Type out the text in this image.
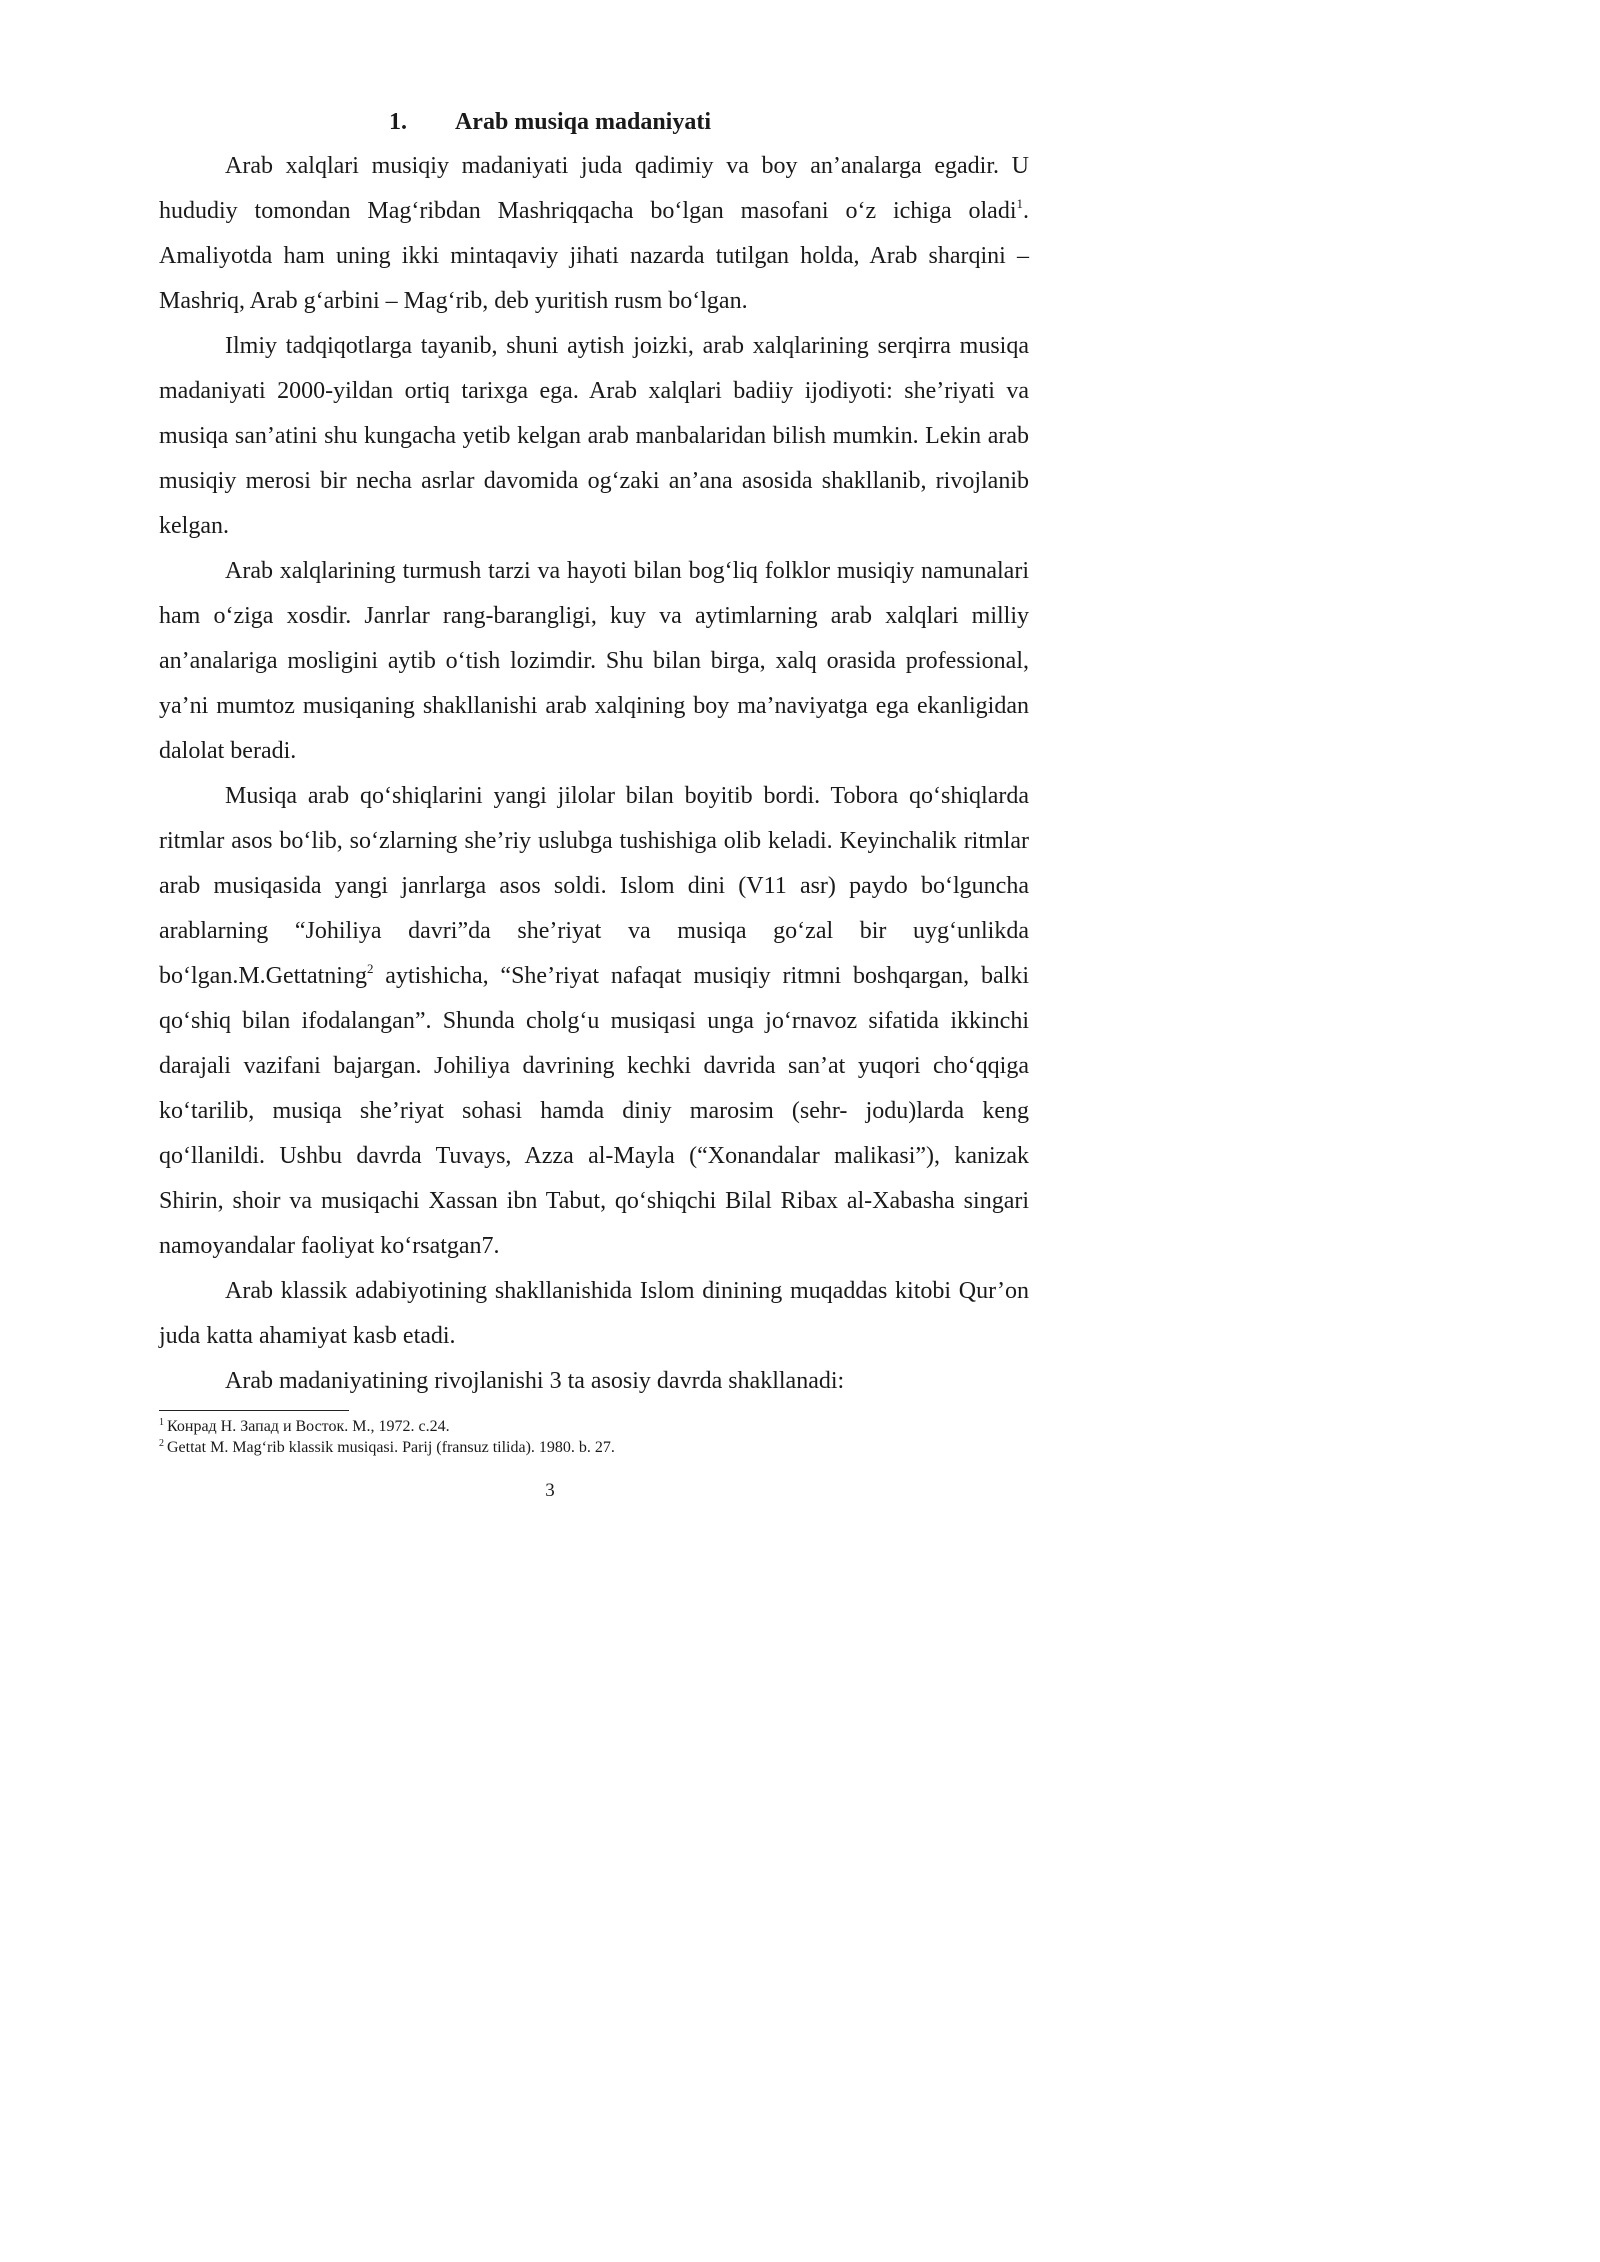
1. Arab musiqa madaniyati

Arab xalqlari musiqiy madaniyati juda qadimiy va boy an’analarga egadir. U hududiy tomondan Mag‘ribdan Mashriqqacha bo‘lgan masofani o‘z ichiga oladi$^1$. Amaliyotda ham uning ikki mintaqaviy jihati nazarda tutilgan holda, Arab sharqini – Mashriq, Arab g‘arbini – Mag‘rib, deb yuritish rusm bo‘lgan.

Ilmiy tadqiqotlarga tayanib, shuni aytish joizki, arab xalqlarining serqirra musiqa madaniyati 2000-yildan ortiq tarixga ega. Arab xalqlari badiiy ijodiyoti: she’riyati va musiqa san’atini shu kungacha yetib kelgan arab manbalaridan bilish mumkin. Lekin arab musiqiy merosi bir necha asrlar davomida og‘zaki an’ana asosida shakllanib, rivojlanib kelgan.

Arab xalqlarining turmush tarzi va hayoti bilan bog‘liq folklor musiqiy namunalari ham o‘ziga xosdir. Janrlar rang-barangligi, kuy va aytimlarning arab xalqlari milliy an’analariga mosligini aytib o‘tish lozimdir. Shu bilan birga, xalq orasida professional, ya’ni mumtoz musiqaning shakllanishi arab xalqining boy ma’naviyatga ega ekanligidan dalolat beradi.

Musiqa arab qo‘shiqlarini yangi jilolar bilan boyitib bordi. Tobora qo‘shiqlarda ritmlar asos bo‘lib, so‘zlarning she’riy uslubga tushishiga olib keladi. Keyinchalik ritmlar arab musiqasida yangi janrlarga asos soldi. Islom dini (V11 asr) paydo bo‘lguncha arablarning “Johiliya davri”da she’riyat va musiqa go‘zal bir uyg‘unlikda bo‘lgan.M.Gettatning$^2$ aytishicha, “She’riyat nafaqat musiqiy ritmni boshqargan, balki qo‘shiq bilan ifodalangan”. Shunda cholg‘u musiqasi unga jo‘rnavoz sifatida ikkinchi darajali vazifani bajargan. Johiliya davrining kechki davrida san’at yuqori cho‘qqiga ko‘tarilib, musiqa she’riyat sohasi hamda diniy marosim (sehr- jodu)larda keng qo‘llanildi. Ushbu davrda Tuvays, Azza al-Mayla (“Xonandalar malikasi”), kanizak Shirin, shoir va musiqachi Xassan ibn Tabut, qo‘shiqchi Bilal Ribax al-Xabasha singari namoyandalar faoliyat ko‘rsatgan7.

Arab klassik adabiyotining shakllanishida Islom dinining muqaddas kitobi Qur’on juda katta ahamiyat kasb etadi.

Arab madaniyatining rivojlanishi 3 ta asosiy davrda shakllanadi:

$^1$ Конрад Н. Запад и Восток. М., 1972. с.24.
$^2$ Gettat M. Mag‘rib klassik musiqasi. Parij (fransuz tilida). 1980. b. 27.
3
